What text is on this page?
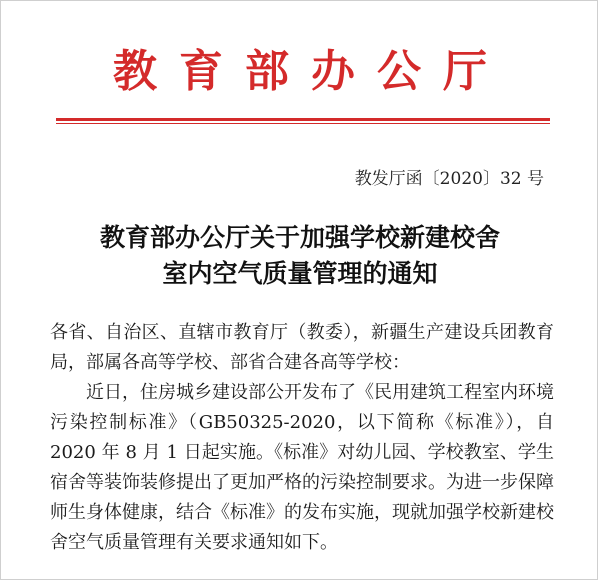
教育部办公厅
教发厅函〔2020〕32 号
教育部办公厅关于加强学校新建校舍
室内空气质量管理的通知

各省、自治区、直辖市教育厅（教委），新疆生产建设兵团教育局，部属各高等学校、部省合建各高等学校：

近日，住房城乡建设部公开发布了《民用建筑工程室内环境污染控制标准》（GB50325-2020，以下简称《标准》），自 2020 年 8 月 1 日起实施。《标准》对幼儿园、学校教室、学生宿舍等装饰装修提出了更加严格的污染控制要求。为进一步保障师生身体健康，结合《标准》的发布实施，现就加强学校新建校舍空气质量管理有关要求通知如下。
